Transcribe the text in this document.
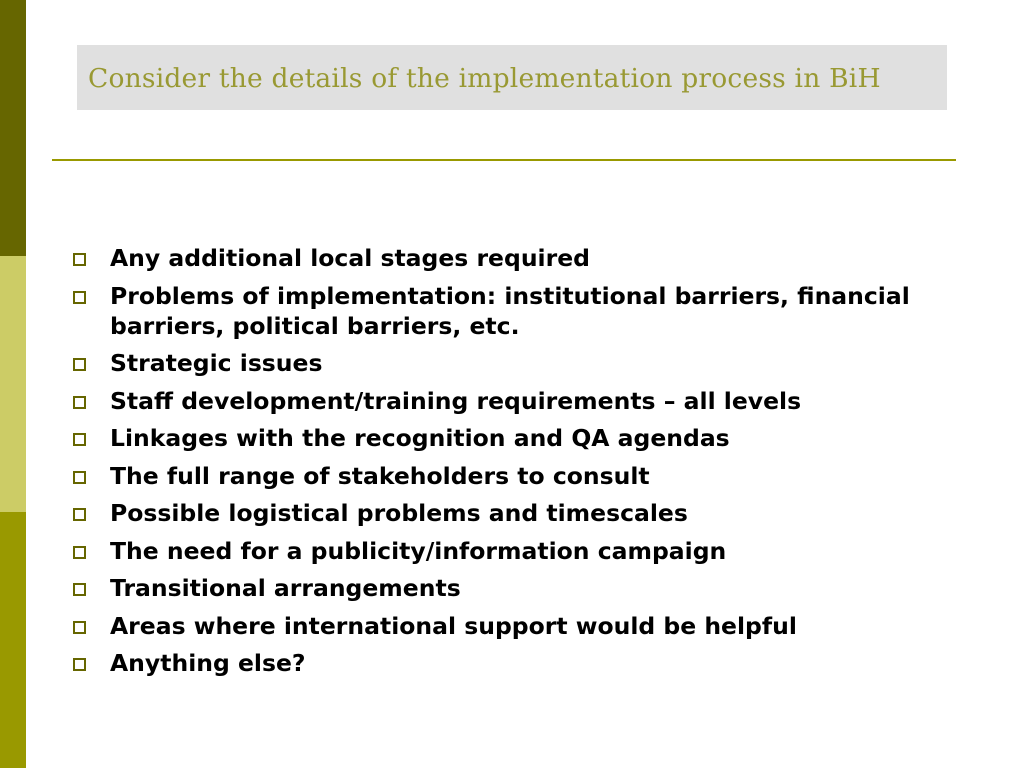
Consider the details of the implementation process in BiH
Any additional local stages required
Problems of implementation: institutional barriers, financial barriers, political barriers, etc.
Strategic issues
Staff development/training requirements – all levels
Linkages with the recognition and QA agendas
The full range of stakeholders to consult
Possible logistical problems and timescales
The need for a publicity/information campaign
Transitional arrangements
Areas where international support would be helpful
Anything else?
